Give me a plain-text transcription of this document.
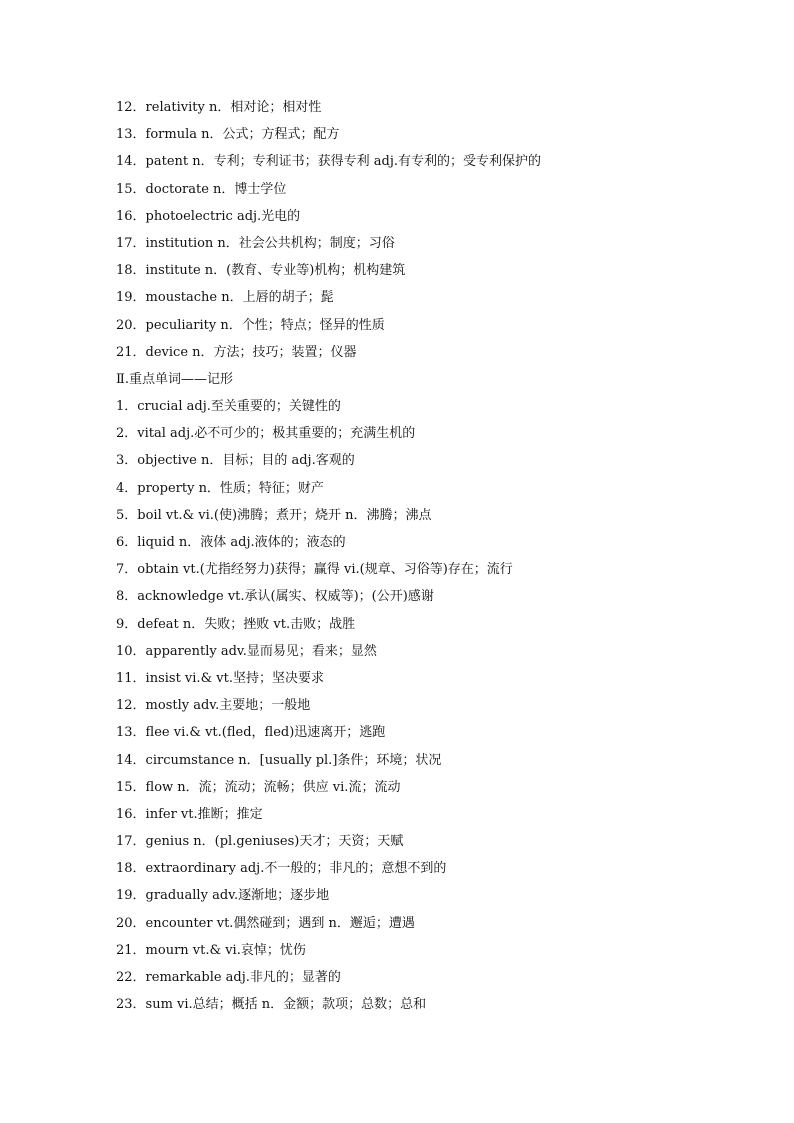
12．relativity n．相对论；相对性
13．formula n．公式；方程式；配方
14．patent n．专利；专利证书；获得专利 adj.有专利的；受专利保护的
15．doctorate n．博士学位
16．photoelectric adj.光电的
17．institution n．社会公共机构；制度；习俗
18．institute n．(教育、专业等)机构；机构建筑
19．moustache n．上唇的胡子；髭
20．peculiarity n．个性；特点；怪异的性质
21．device n．方法；技巧；装置；仪器
Ⅱ.重点单词——记形
1．crucial adj.至关重要的；关键性的
2．vital adj.必不可少的；极其重要的；充满生机的
3．objective n．目标；目的 adj.客观的
4．property n．性质；特征；财产
5．boil vt.& vi.(使)沸腾；煮开；烧开 n．沸腾；沸点
6．liquid n．液体 adj.液体的；液态的
7．obtain vt.(尤指经努力)获得；赢得 vi.(规章、习俗等)存在；流行
8．acknowledge vt.承认(属实、权威等)；(公开)感谢
9．defeat n．失败；挫败 vt.击败；战胜
10．apparently adv.显而易见；看来；显然
11．insist vi.& vt.坚持；坚决要求
12．mostly adv.主要地；一般地
13．flee vi.& vt.(fled，fled)迅速离开；逃跑
14．circumstance n．[usually pl.]条件；环境；状况
15．flow n．流；流动；流畅；供应 vi.流；流动
16．infer vt.推断；推定
17．genius n．(pl.geniuses)天才；天资；天赋
18．extraordinary adj.不一般的；非凡的；意想不到的
19．gradually adv.逐渐地；逐步地
20．encounter vt.偶然碰到；遇到 n．邂逅；遭遇
21．mourn vt.& vi.哀悼；忧伤
22．remarkable adj.非凡的；显著的
23．sum vi.总结；概括 n．金额；款项；总数；总和
